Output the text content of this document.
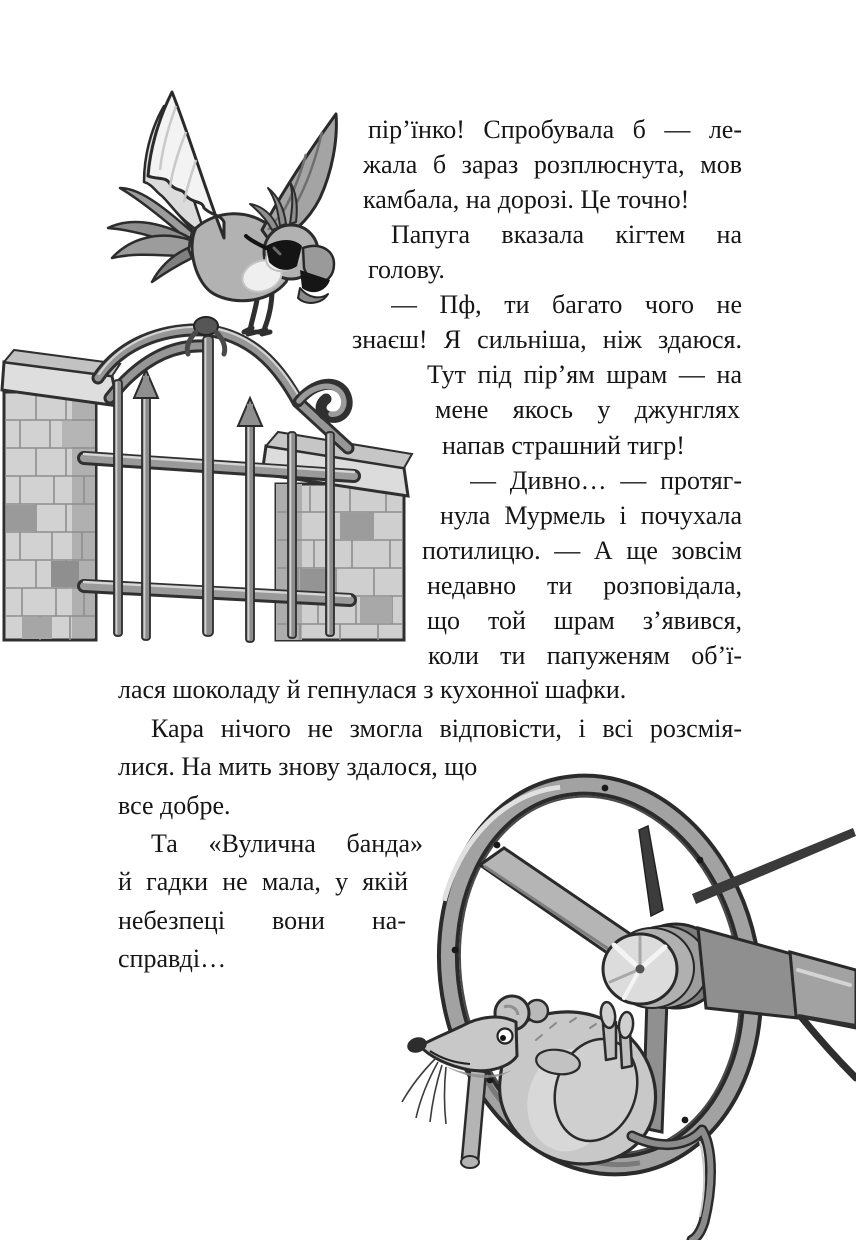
пір’їнко! Спробувала б — ле-
жала б зараз розплюснута, мов
камбала, на дорозі. Це точно!
Папуга вказала кігтем на
голову.
— Пф, ти багато чого не
знаєш! Я сильніша, ніж здаюся.
Тут під пір’ям шрам — на
мене якось у джунглях
напав страшний тигр!
— Дивно… — протяг-
нула Мурмель і почухала
потилицю. — А ще зовсім
недавно ти розповідала,
що той шрам з’явився,
коли ти папуженям об’ї-
лася шоколаду й гепнулася з кухонної шафки.
Кара нічого не змогла відповісти, і всі розсмія-
лися. На мить знову здалося, що
все добре.
Та «Вулична банда»
й гадки не мала, у якій
небезпеці вони на-
справді…
